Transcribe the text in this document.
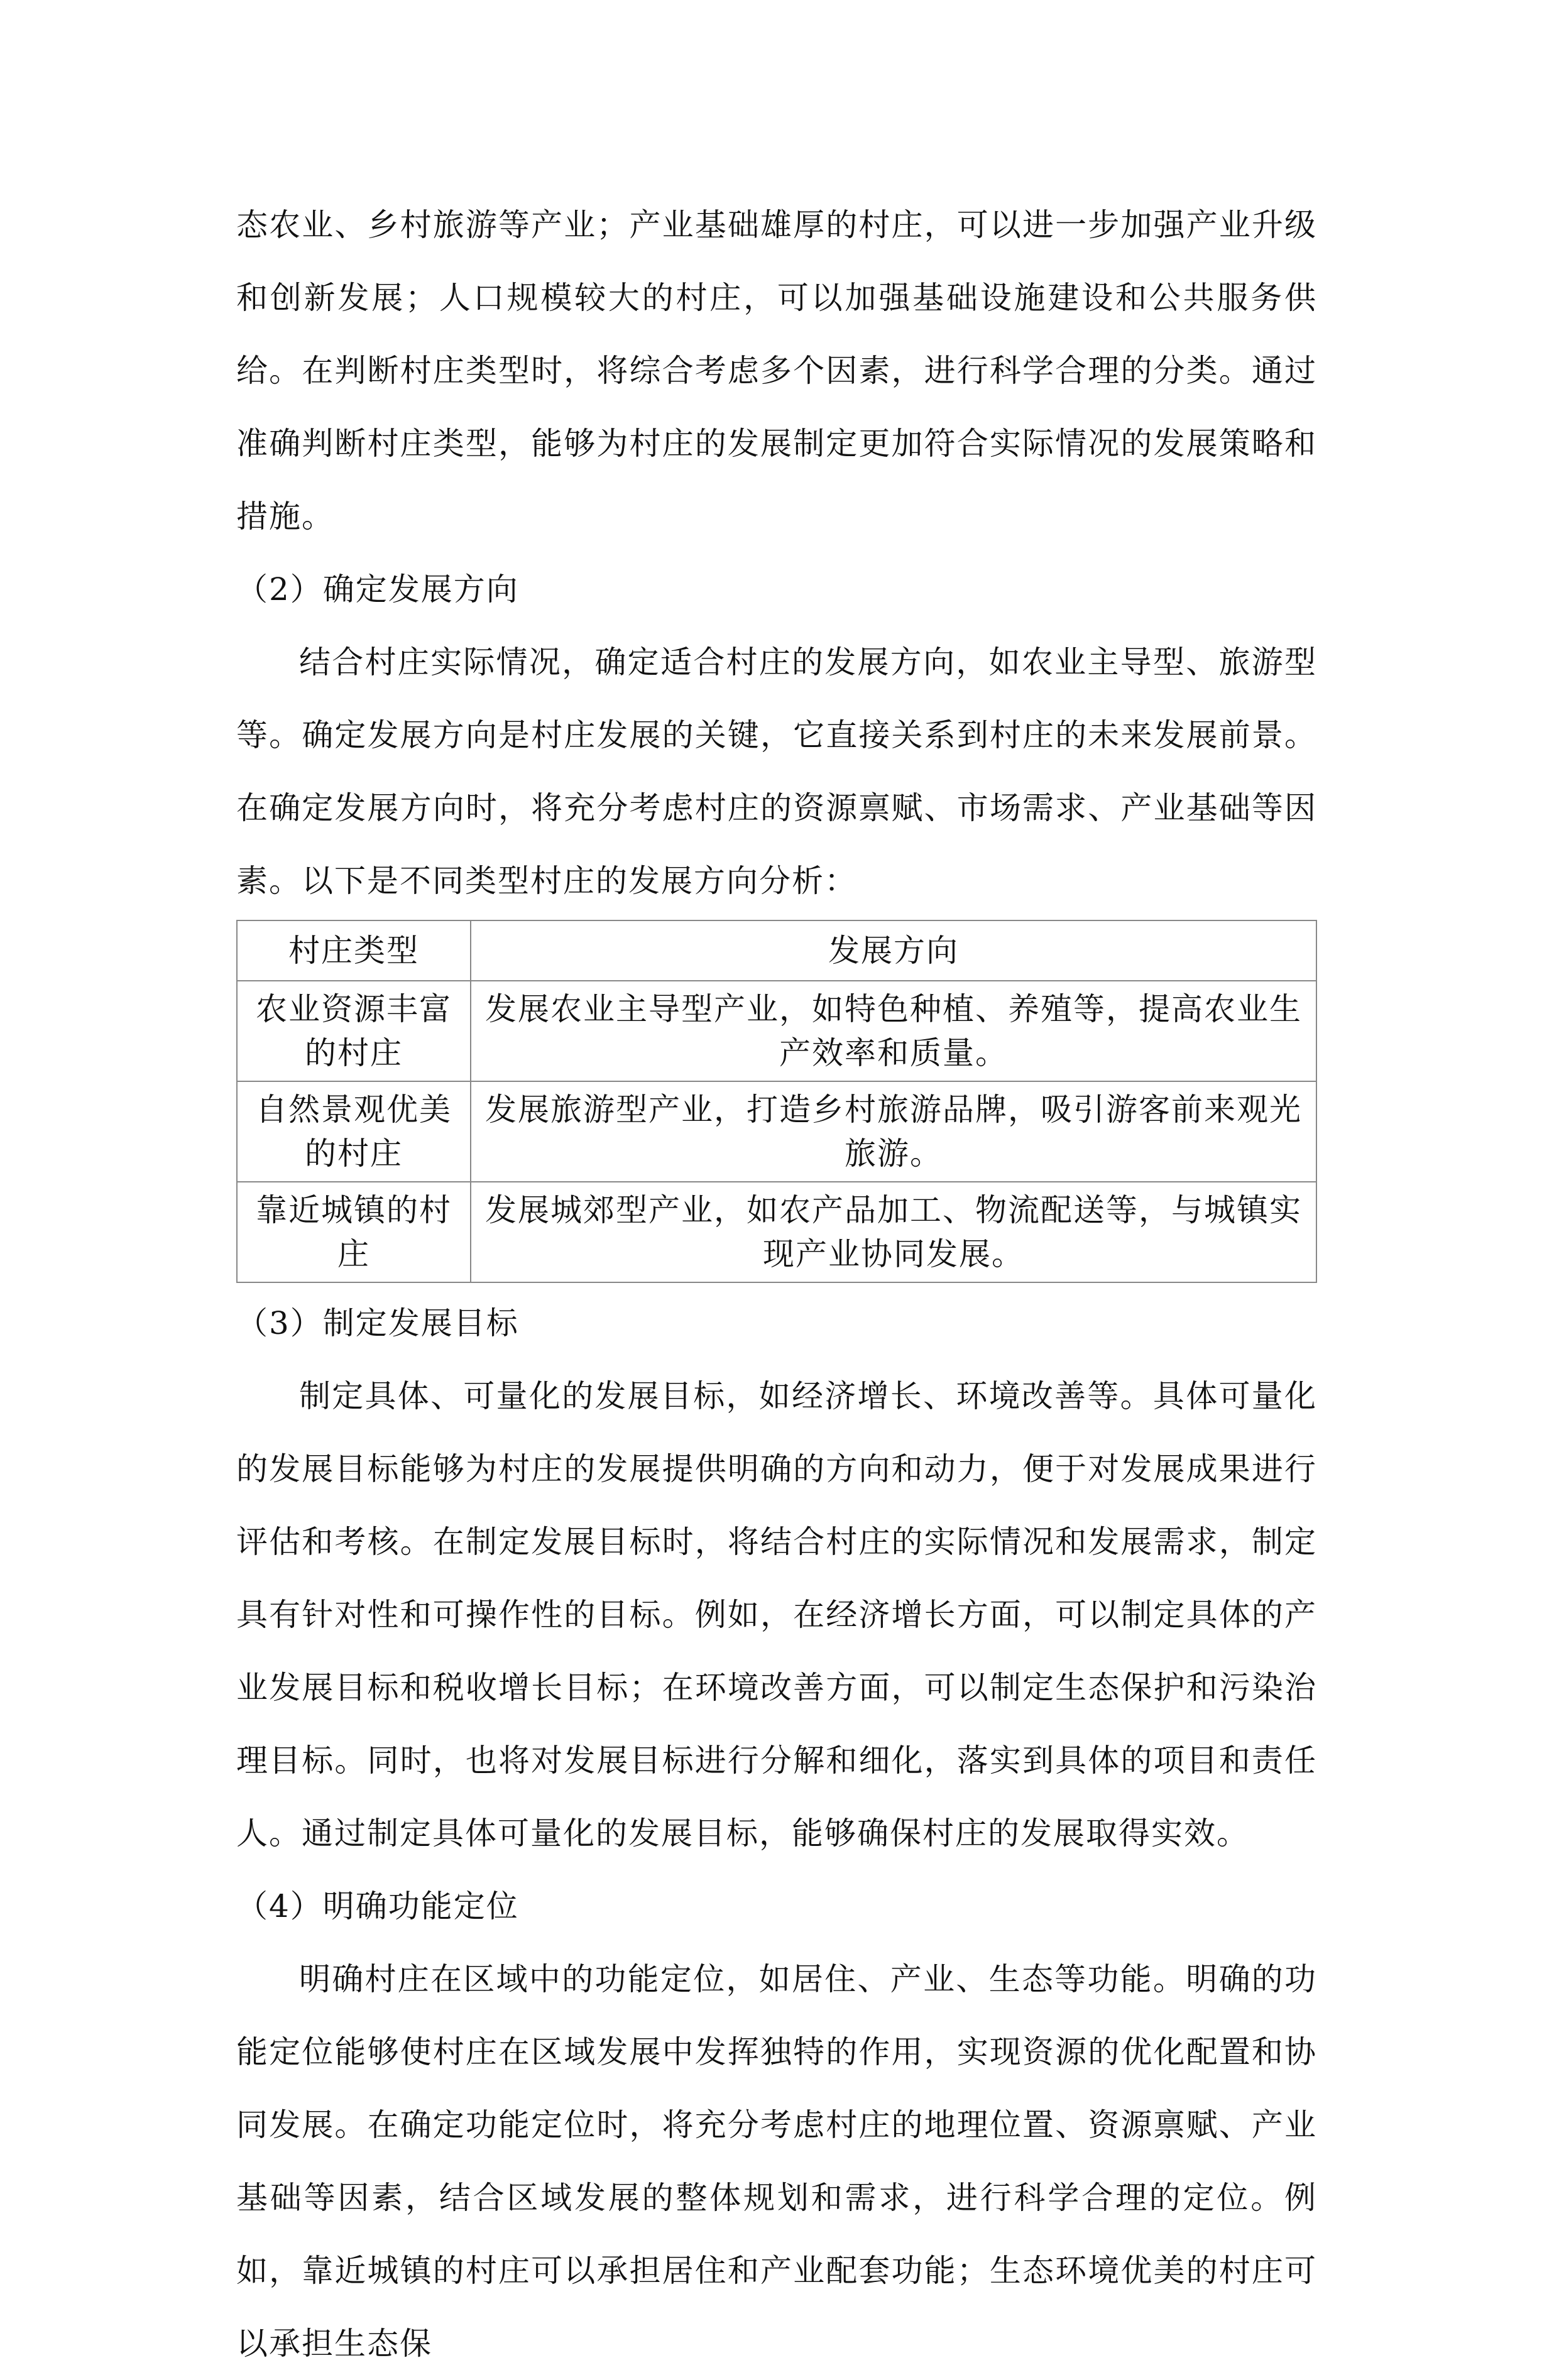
态农业、乡村旅游等产业；产业基础雄厚的村庄，可以进一步加强产业升级和创新发展；人口规模较大的村庄，可以加强基础设施建设和公共服务供给。在判断村庄类型时，将综合考虑多个因素，进行科学合理的分类。通过准确判断村庄类型，能够为村庄的发展制定更加符合实际情况的发展策略和措施。

（2）确定发展方向

结合村庄实际情况，确定适合村庄的发展方向，如农业主导型、旅游型等。确定发展方向是村庄发展的关键，它直接关系到村庄的未来发展前景。在确定发展方向时，将充分考虑村庄的资源禀赋、市场需求、产业基础等因素。以下是不同类型村庄的发展方向分析：

村庄类型	发展方向
农业资源丰富的村庄	发展农业主导型产业，如特色种植、养殖等，提高农业生产效率和质量。
自然景观优美的村庄	发展旅游型产业，打造乡村旅游品牌，吸引游客前来观光旅游。
靠近城镇的村庄	发展城郊型产业，如农产品加工、物流配送等，与城镇实现产业协同发展。

（3）制定发展目标

制定具体、可量化的发展目标，如经济增长、环境改善等。具体可量化的发展目标能够为村庄的发展提供明确的方向和动力，便于对发展成果进行评估和考核。在制定发展目标时，将结合村庄的实际情况和发展需求，制定具有针对性和可操作性的目标。例如，在经济增长方面，可以制定具体的产业发展目标和税收增长目标；在环境改善方面，可以制定生态保护和污染治理目标。同时，也将对发展目标进行分解和细化，落实到具体的项目和责任人。通过制定具体可量化的发展目标，能够确保村庄的发展取得实效。

（4）明确功能定位

明确村庄在区域中的功能定位，如居住、产业、生态等功能。明确的功能定位能够使村庄在区域发展中发挥独特的作用，实现资源的优化配置和协同发展。在确定功能定位时，将充分考虑村庄的地理位置、资源禀赋、产业基础等因素，结合区域发展的整体规划和需求，进行科学合理的定位。例如，靠近城镇的村庄可以承担居住和产业配套功能；生态环境优美的村庄可以承担生态保
